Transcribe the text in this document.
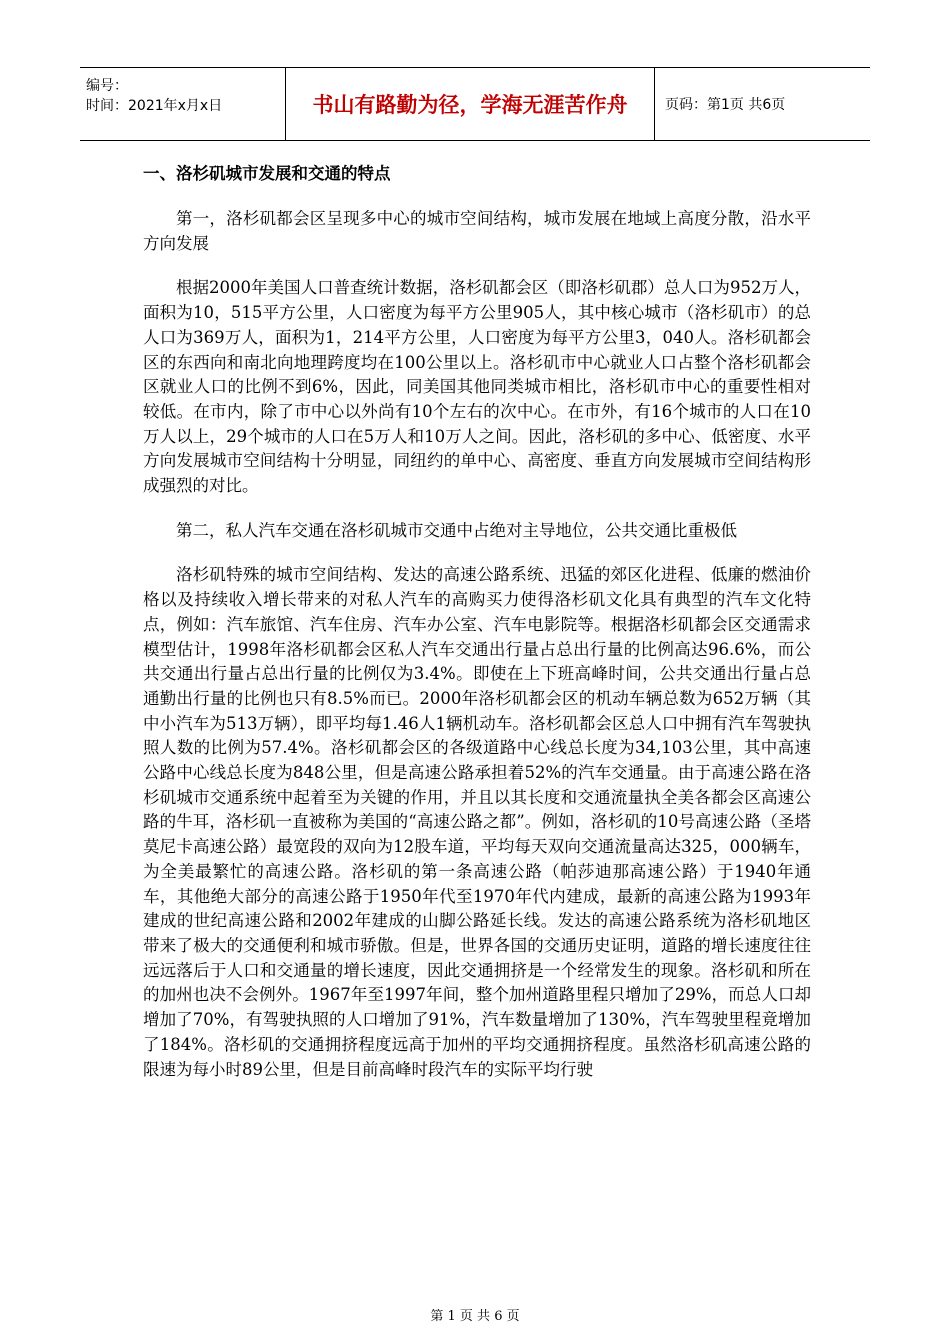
编号：
时间：2021年x月x日	书山有路勤为径，学海无涯苦作舟	页码：第1页 共6页
一、洛杉矶城市发展和交通的特点

第一，洛杉矶都会区呈现多中心的城市空间结构，城市发展在地域上高度分散，沿水平方向发展

根据2000年美国人口普查统计数据，洛杉矶都会区（即洛杉矶郡）总人口为952万人，面积为10，515平方公里，人口密度为每平方公里905人，其中核心城市（洛杉矶市）的总人口为369万人，面积为1，214平方公里，人口密度为每平方公里3，040人。洛杉矶都会区的东西向和南北向地理跨度均在100公里以上。洛杉矶市中心就业人口占整个洛杉矶都会区就业人口的比例不到6%，因此，同美国其他同类城市相比，洛杉矶市中心的重要性相对较低。在市内，除了市中心以外尚有10个左右的次中心。在市外，有16个城市的人口在10万人以上，29个城市的人口在5万人和10万人之间。因此，洛杉矶的多中心、低密度、水平方向发展城市空间结构十分明显，同纽约的单中心、高密度、垂直方向发展城市空间结构形成强烈的对比。

第二，私人汽车交通在洛杉矶城市交通中占绝对主导地位，公共交通比重极低

洛杉矶特殊的城市空间结构、发达的高速公路系统、迅猛的郊区化进程、低廉的燃油价格以及持续收入增长带来的对私人汽车的高购买力使得洛杉矶文化具有典型的汽车文化特点，例如：汽车旅馆、汽车住房、汽车办公室、汽车电影院等。根据洛杉矶都会区交通需求模型估计，1998年洛杉矶都会区私人汽车交通出行量占总出行量的比例高达96.6%，而公共交通出行量占总出行量的比例仅为3.4%。即使在上下班高峰时间，公共交通出行量占总通勤出行量的比例也只有8.5%而已。2000年洛杉矶都会区的机动车辆总数为652万辆（其中小汽车为513万辆），即平均每1.46人1辆机动车。洛杉矶都会区总人口中拥有汽车驾驶执照人数的比例为57.4%。洛杉矶都会区的各级道路中心线总长度为34,103公里，其中高速公路中心线总长度为848公里，但是高速公路承担着52%的汽车交通量。由于高速公路在洛杉矶城市交通系统中起着至为关键的作用，并且以其长度和交通流量执全美各都会区高速公路的牛耳，洛杉矶一直被称为美国的“高速公路之都”。例如，洛杉矶的10号高速公路（圣塔莫尼卡高速公路）最宽段的双向为12股车道，平均每天双向交通流量高达325，000辆车，为全美最繁忙的高速公路。洛杉矶的第一条高速公路（帕莎迪那高速公路）于1940年通车，其他绝大部分的高速公路于1950年代至1970年代内建成，最新的高速公路为1993年建成的世纪高速公路和2002年建成的山脚公路延长线。发达的高速公路系统为洛杉矶地区带来了极大的交通便利和城市骄傲。但是，世界各国的交通历史证明，道路的增长速度往往远远落后于人口和交通量的增长速度，因此交通拥挤是一个经常发生的现象。洛杉矶和所在的加州也决不会例外。1967年至1997年间，整个加州道路里程只增加了29%，而总人口却增加了70%，有驾驶执照的人口增加了91%，汽车数量增加了130%，汽车驾驶里程竟增加了184%。洛杉矶的交通拥挤程度远高于加州的平均交通拥挤程度。虽然洛杉矶高速公路的限速为每小时89公里，但是目前高峰时段汽车的实际平均行驶

第 1 页 共 6 页
